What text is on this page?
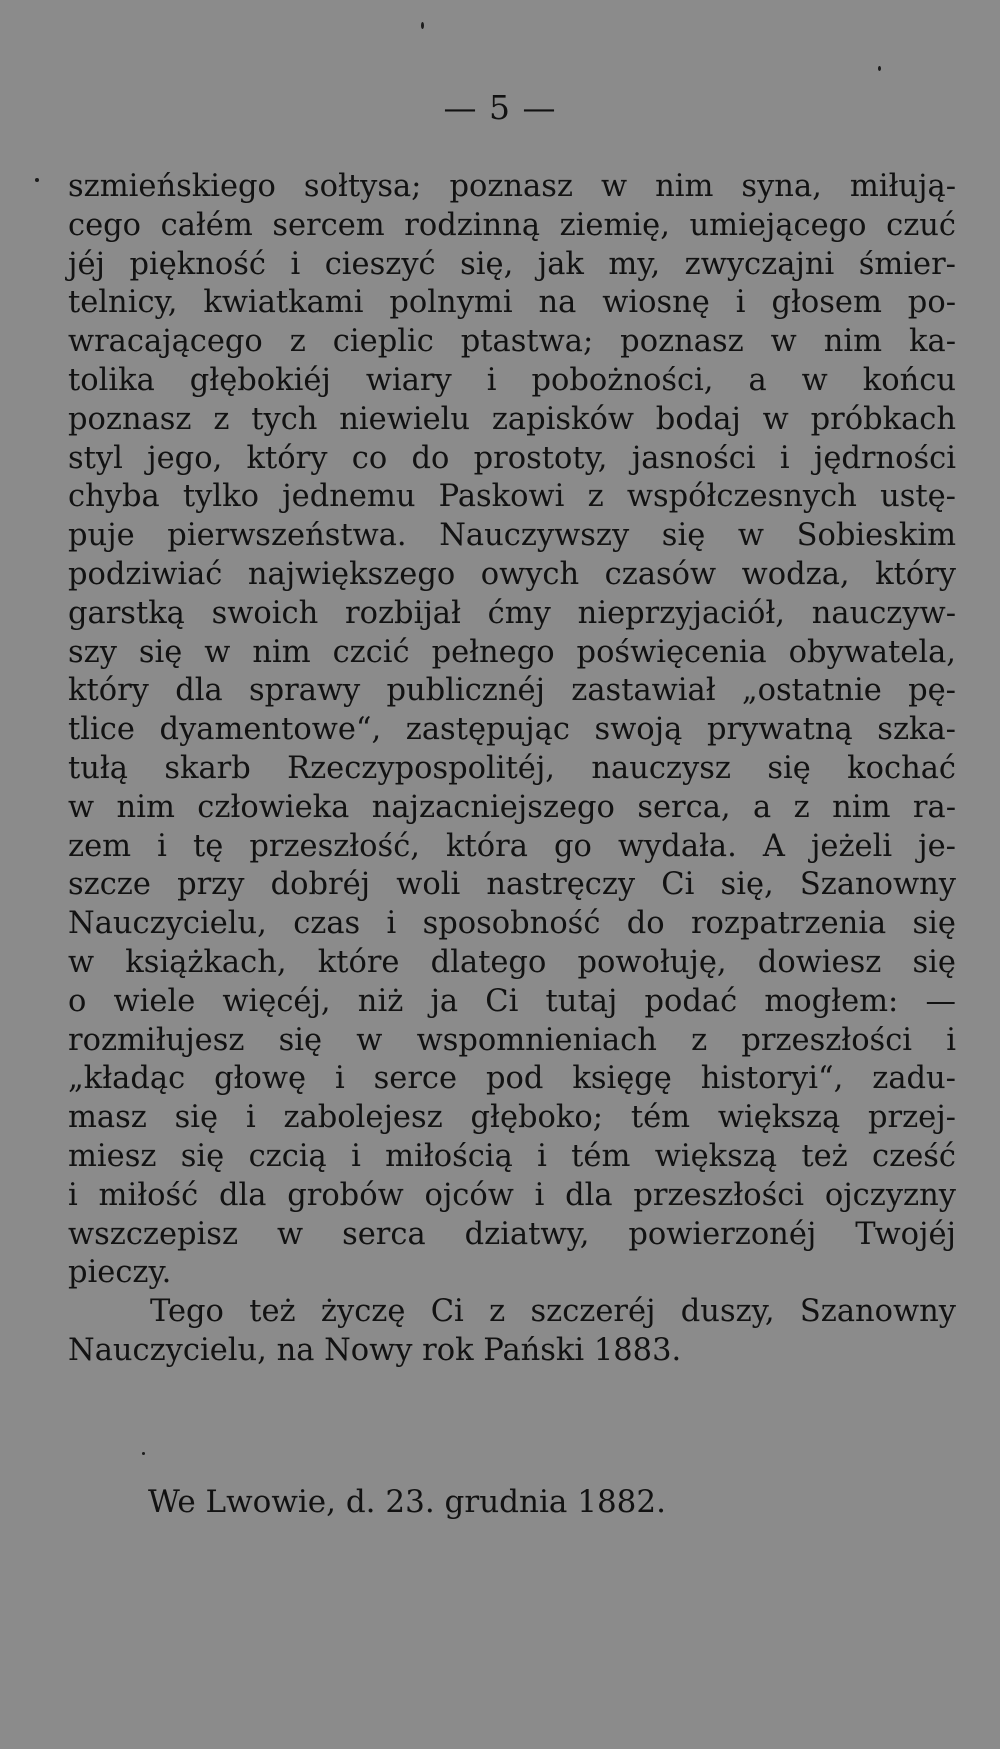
— 5 —
szmieńskiego sołtysa; poznasz w nim syna, miłują-
cego całém sercem rodzinną ziemię, umiejącego czuć
jéj piękność i cieszyć się, jak my, zwyczajni śmier-
telnicy, kwiatkami polnymi na wiosnę i głosem po-
wracającego z cieplic ptastwa; poznasz w nim ka-
tolika głębokiéj wiary i pobożności, a w końcu
poznasz z tych niewielu zapisków bodaj w próbkach
styl jego, który co do prostoty, jasności i jędrności
chyba tylko jednemu Paskowi z współczesnych ustę-
puje pierwszeństwa. Nauczywszy się w Sobieskim
podziwiać największego owych czasów wodza, który
garstką swoich rozbijał ćmy nieprzyjaciół, nauczyw-
szy się w nim czcić pełnego poświęcenia obywatela,
który dla sprawy publicznéj zastawiał „ostatnie pę-
tlice dyamentowe“, zastępując swoją prywatną szka-
tułą skarb Rzeczypospolitéj, nauczysz się kochać
w nim człowieka najzacniejszego serca, a z nim ra-
zem i tę przeszłość, która go wydała. A jeżeli je-
szcze przy dobréj woli nastręczy Ci się, Szanowny
Nauczycielu, czas i sposobność do rozpatrzenia się
w książkach, które dlatego powołuję, dowiesz się
o wiele więcéj, niż ja Ci tutaj podać mogłem: —
rozmiłujesz się w wspomnieniach z przeszłości i
„kładąc głowę i serce pod księgę historyi“, zadu-
masz się i zabolejesz głęboko; tém większą przej-
miesz się czcią i miłością i tém większą też cześć
i miłość dla grobów ojców i dla przeszłości ojczyzny
wszczepisz w serca dziatwy, powierzonéj Twojéj
pieczy.
Tego też życzę Ci z szczeréj duszy, Szanowny
Nauczycielu, na Nowy rok Pański 1883.
We Lwowie, d. 23. grudnia 1882.
